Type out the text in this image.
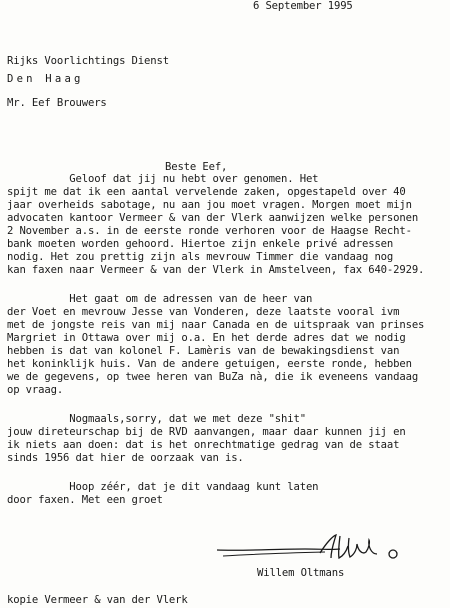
6 September 1995
Rijks Voorlichtings Dienst
Den Haag
Mr. Eef Brouwers
Beste Eef,
Geloof dat jij nu hebt over genomen. Het
spijt me dat ik een aantal vervelende zaken, opgestapeld over 40
jaar overheids sabotage, nu aan jou moet vragen. Morgen moet mijn
advocaten kantoor Vermeer & van der Vlerk aanwijzen welke personen
2 November a.s. in de eerste ronde verhoren voor de Haagse Recht-
bank moeten worden gehoord. Hiertoe zijn enkele privé adressen
nodig. Het zou prettig zijn als mevrouw Timmer die vandaag nog
kan faxen naar Vermeer & van der Vlerk in Amstelveen, fax 640-2929.
Het gaat om de adressen van de heer van
der Voet en mevrouw Jesse van Vonderen, deze laatste vooral ivm
met de jongste reis van mij naar Canada en de uitspraak van prinses
Margriet in Ottawa over mij o.a. En het derde adres dat we nodig
hebben is dat van kolonel F. Lamèris van de bewakingsdienst van
het koninklijk huis. Van de andere getuigen, eerste ronde, hebben
we de gegevens, op twee heren van BuZa nà, die ik eveneens vandaag
op vraag.
Nogmaals,sorry, dat we met deze "shit"
jouw direteurschap bij de RVD aanvangen, maar daar kunnen jij en
ik niets aan doen: dat is het onrechtmatige gedrag van de staat
sinds 1956 dat hier de oorzaak van is.
Hoop zéér, dat je dit vandaag kunt laten
door faxen. Met een groet
Willem Oltmans
kopie Vermeer & van der Vlerk
